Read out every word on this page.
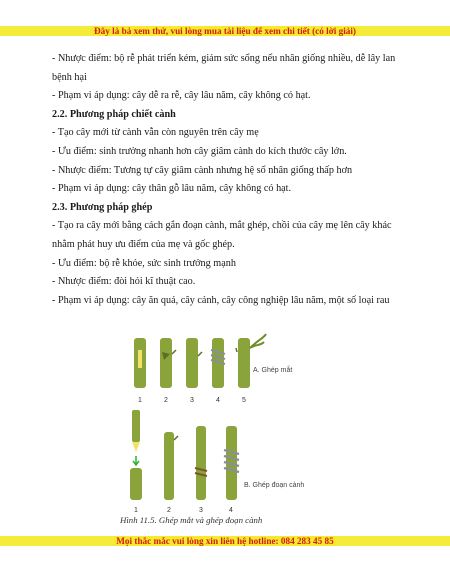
Đây là bả xem thử, vui lòng mua tài liệu để xem chi tiết (có lời giải)

- Nhược điểm: bộ rễ phát triển kém, giảm sức sống nếu nhân giống nhiều, dễ lây lan bệnh hại

- Phạm vi áp dụng: cây dễ ra rễ, cây lâu năm, cây không có hạt.

2.2. Phương pháp chiết cành

- Tạo cây mới từ cành vẫn còn nguyên trên cây mẹ

- Ưu điểm: sinh trưởng nhanh hơn cây giâm cành do kích thước cây lớn.

- Nhược điểm: Tương tự cây giâm cành nhưng hệ số nhân giống thấp hơn

- Phạm vi áp dụng: cây thân gỗ lâu năm, cây không có hạt.

2.3. Phương pháp ghép

- Tạo ra cây mới bằng cách gắn đoạn cành, mắt ghép, chồi của cây mẹ lên cây khác nhằm phát huy ưu điểm của mẹ và gốc ghép.

- Ưu điểm: bộ rễ khỏe, sức sinh trưởng mạnh

- Nhược điểm: đòi hỏi kĩ thuật cao.

- Phạm vi áp dụng: cây ăn quả, cây cảnh, cây công nghiệp lâu năm, một số loại rau

A. Ghép mắt
1	2	3	4	5
B. Ghép đoạn cành
1	2	3	4
Hình 11.5. Ghép mắt và ghép đoạn cành
Mọi thắc mắc vui lòng xin liên hệ hotline: 084 283 45 85
